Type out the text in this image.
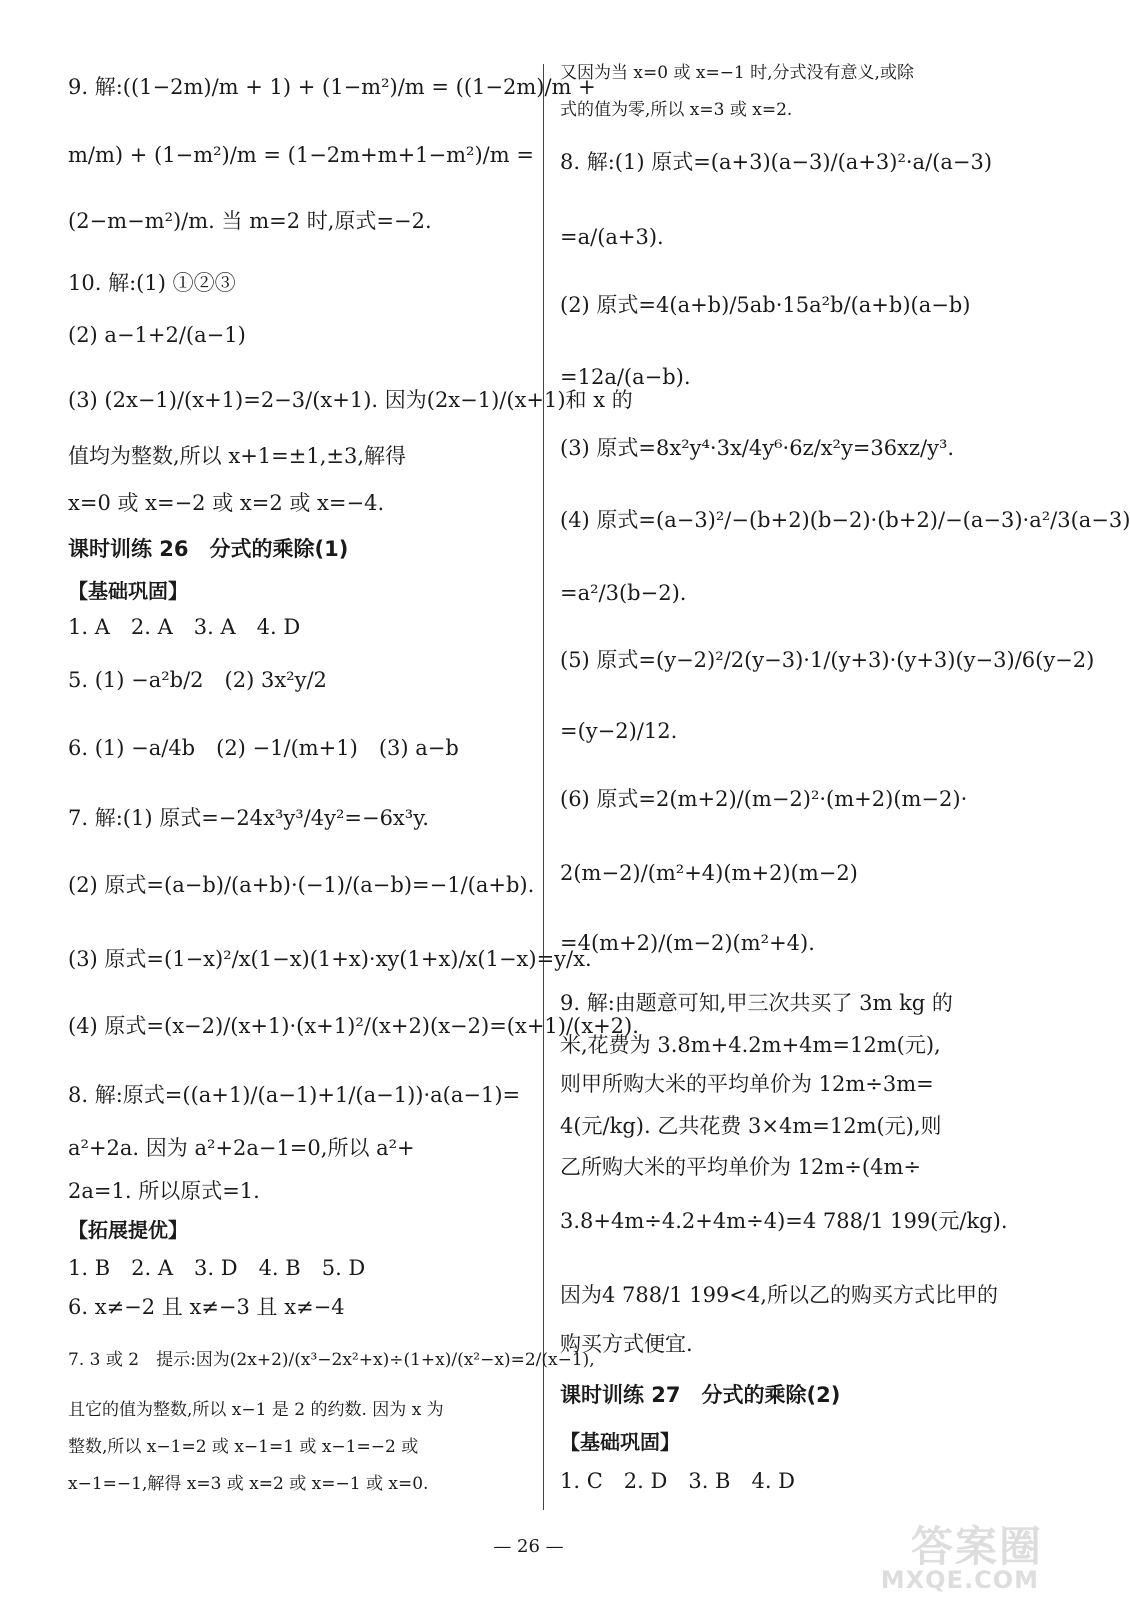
9. 解:((1−2m)/m + 1) + (1−m²)/m = ((1−2m)/m +
m/m) + (1−m²)/m = (1−2m+m+1−m²)/m =
(2−m−m²)/m. 当 m=2 时,原式=−2.
10. 解:(1) ①②③
(2) a−1+2/(a−1)
(3) (2x−1)/(x+1)=2−3/(x+1). 因为(2x−1)/(x+1)和 x 的
值均为整数,所以 x+1=±1,±3,解得
x=0 或 x=−2 或 x=2 或 x=−4.
课时训练 26　分式的乘除(1)
【基础巩固】
1. A　2. A　3. A　4. D
5. (1) −a²b/2　(2) 3x²y/2
6. (1) −a/4b　(2) −1/(m+1)　(3) a−b
7. 解:(1) 原式=−24x³y³/4y²=−6x³y.
(2) 原式=(a−b)/(a+b)·(−1)/(a−b)=−1/(a+b).
(3) 原式=(1−x)²/x(1−x)(1+x)·xy(1+x)/x(1−x)=y/x.
(4) 原式=(x−2)/(x+1)·(x+1)²/(x+2)(x−2)=(x+1)/(x+2).
8. 解:原式=((a+1)/(a−1)+1/(a−1))·a(a−1)=
a²+2a. 因为 a²+2a−1=0,所以 a²+
2a=1. 所以原式=1.
【拓展提优】
1. B　2. A　3. D　4. B　5. D
6. x≠−2 且 x≠−3 且 x≠−4
7. 3 或 2　提示:因为(2x+2)/(x³−2x²+x)÷(1+x)/(x²−x)=2/(x−1),
且它的值为整数,所以 x−1 是 2 的约数. 因为 x 为
整数,所以 x−1=2 或 x−1=1 或 x−1=−2 或
x−1=−1,解得 x=3 或 x=2 或 x=−1 或 x=0.
又因为当 x=0 或 x=−1 时,分式没有意义,或除
式的值为零,所以 x=3 或 x=2.
8. 解:(1) 原式=(a+3)(a−3)/(a+3)²·a/(a−3)
=a/(a+3).
(2) 原式=4(a+b)/5ab·15a²b/(a+b)(a−b)
=12a/(a−b).
(3) 原式=8x²y⁴·3x/4y⁶·6z/x²y=36xz/y³.
(4) 原式=(a−3)²/−(b+2)(b−2)·(b+2)/−(a−3)·a²/3(a−3)
=a²/3(b−2).
(5) 原式=(y−2)²/2(y−3)·1/(y+3)·(y+3)(y−3)/6(y−2)
=(y−2)/12.
(6) 原式=2(m+2)/(m−2)²·(m+2)(m−2)·
2(m−2)/(m²+4)(m+2)(m−2)
=4(m+2)/(m−2)(m²+4).
9. 解:由题意可知,甲三次共买了 3m kg 的
米,花费为 3.8m+4.2m+4m=12m(元),
则甲所购大米的平均单价为 12m÷3m=
4(元/kg). 乙共花费 3×4m=12m(元),则
乙所购大米的平均单价为 12m÷(4m÷
3.8+4m÷4.2+4m÷4)=4 788/1 199(元/kg).
因为4 788/1 199<4,所以乙的购买方式比甲的
购买方式便宜.
课时训练 27　分式的乘除(2)
【基础巩固】
1. C　2. D　3. B　4. D
— 26 —	答案圈
MXQE.COM
